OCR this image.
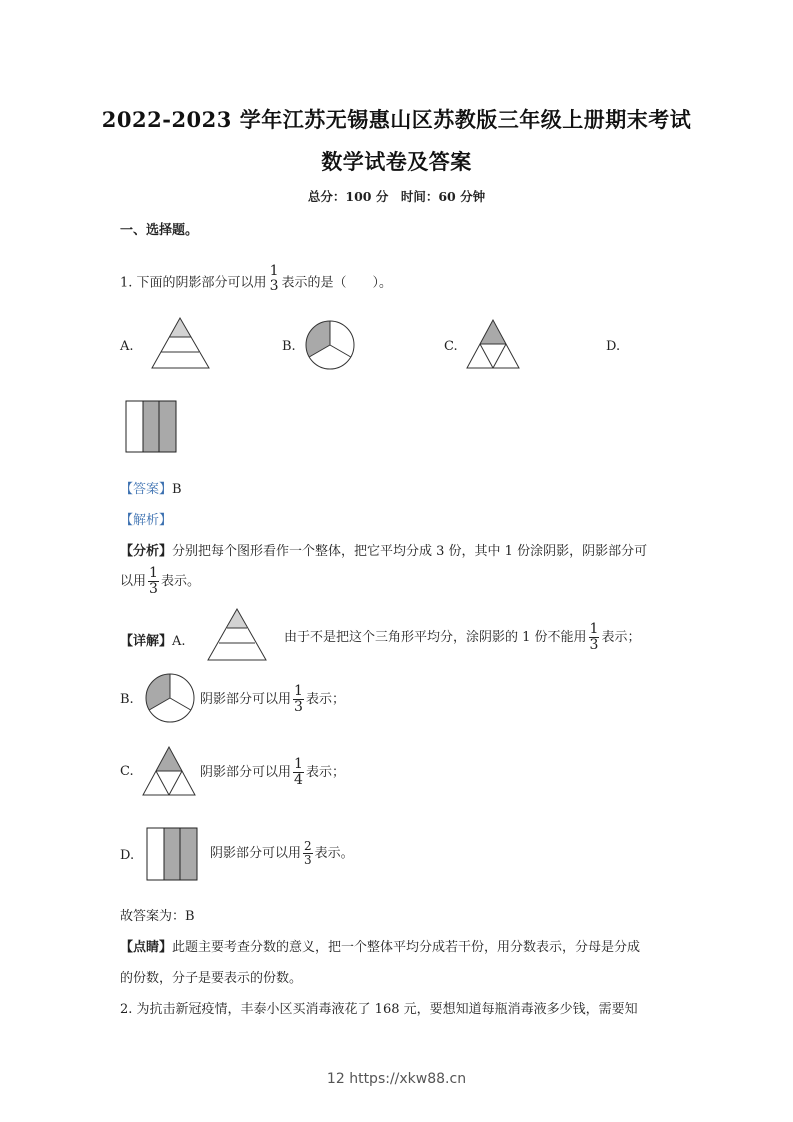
2022-2023 学年江苏无锡惠山区苏教版三年级上册期末考试
数学试卷及答案
总分：100 分　时间：60 分钟
一、选择题。
1. 下面的阴影部分可以用
1
3 表示的是（　　）。
A.	B.	C.	D.
【答案】B
【解析】
【分析】分别把每个图形看作一个整体，把它平均分成 3 份，其中 1 份涂阴影，阴影部分可
以用 $\frac{1}{3}$ 表示。
【详解】A.	由于不是把这个三角形平均分，涂阴影的 1 份不能用 $\frac{1}{3}$ 表示；
B.	阴影部分可以用 $\frac{1}{3}$ 表示；
C.	阴影部分可以用 $\frac{1}{4}$ 表示；
D.	阴影部分可以用 $\frac{2}{3}$ 表示。
故答案为：B
【点睛】此题主要考查分数的意义，把一个整体平均分成若干份，用分数表示，分母是分成
的份数，分子是要表示的份数。
2. 为抗击新冠疫情，丰泰小区买消毒液花了 168 元，要想知道每瓶消毒液多少钱，需要知
12 https://xkw88.cn
